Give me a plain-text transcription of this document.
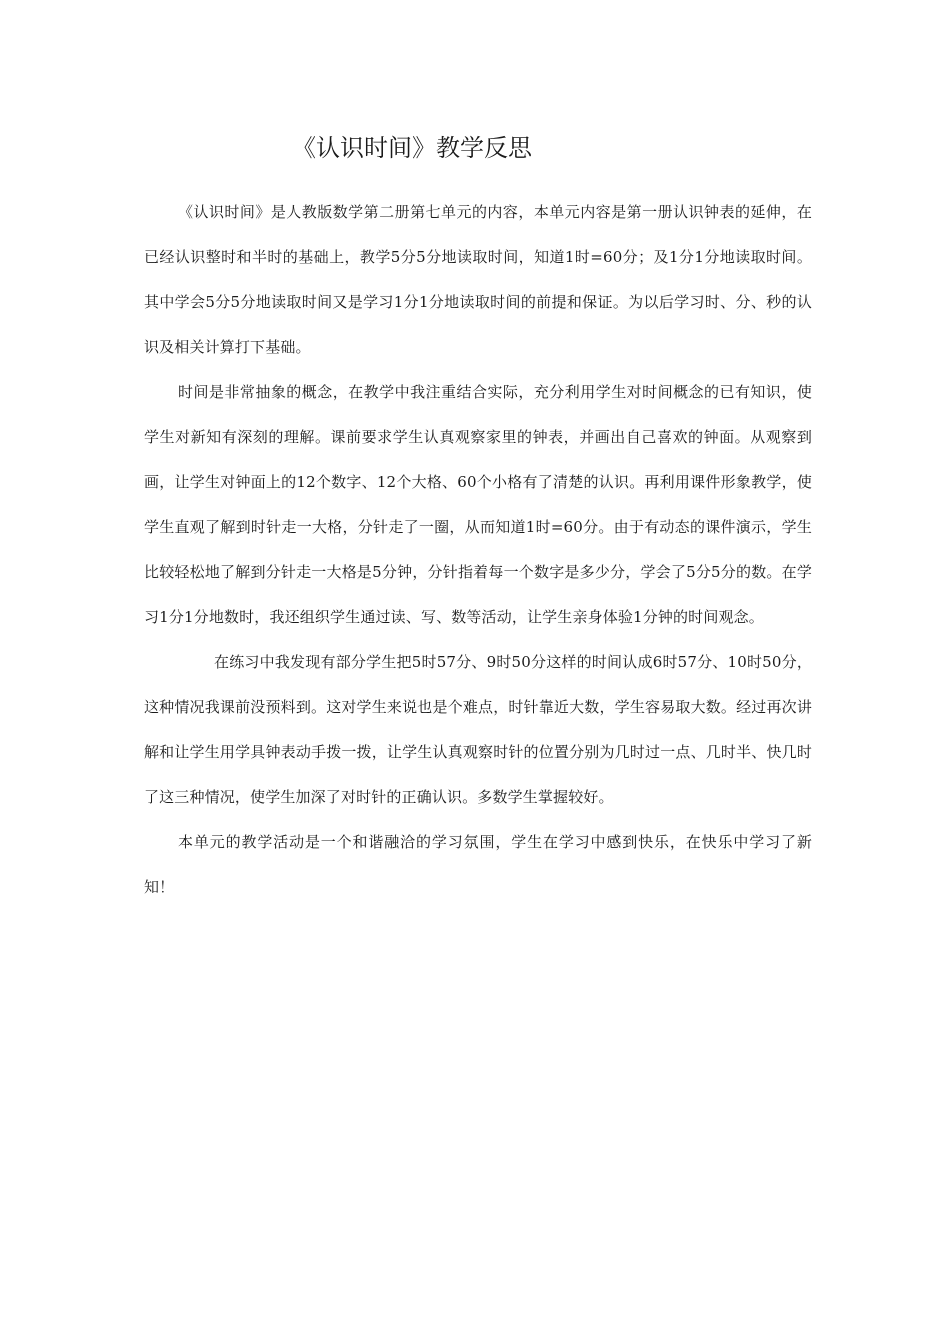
《认识时间》教学反思

《认识时间》是人教版数学第二册第七单元的内容，本单元内容是第一册认识钟表的延伸，在已经认识整时和半时的基础上，教学5分5分地读取时间，知道1时=60分；及1分1分地读取时间。其中学会5分5分地读取时间又是学习1分1分地读取时间的前提和保证。为以后学习时、分、秒的认识及相关计算打下基础。

时间是非常抽象的概念，在教学中我注重结合实际，充分利用学生对时间概念的已有知识，使学生对新知有深刻的理解。课前要求学生认真观察家里的钟表，并画出自己喜欢的钟面。从观察到画，让学生对钟面上的12个数字、12个大格、60个小格有了清楚的认识。再利用课件形象教学，使学生直观了解到时针走一大格，分针走了一圈，从而知道1时=60分。由于有动态的课件演示，学生比较轻松地了解到分针走一大格是5分钟，分针指着每一个数字是多少分，学会了5分5分的数。在学习1分1分地数时，我还组织学生通过读、写、数等活动，让学生亲身体验1分钟的时间观念。

在练习中我发现有部分学生把5时57分、9时50分这样的时间认成6时57分、10时50分，这种情况我课前没预料到。这对学生来说也是个难点，时针靠近大数，学生容易取大数。经过再次讲解和让学生用学具钟表动手拨一拨，让学生认真观察时针的位置分别为几时过一点、几时半、快几时了这三种情况，使学生加深了对时针的正确认识。多数学生掌握较好。

本单元的教学活动是一个和谐融洽的学习氛围，学生在学习中感到快乐，在快乐中学习了新知！
